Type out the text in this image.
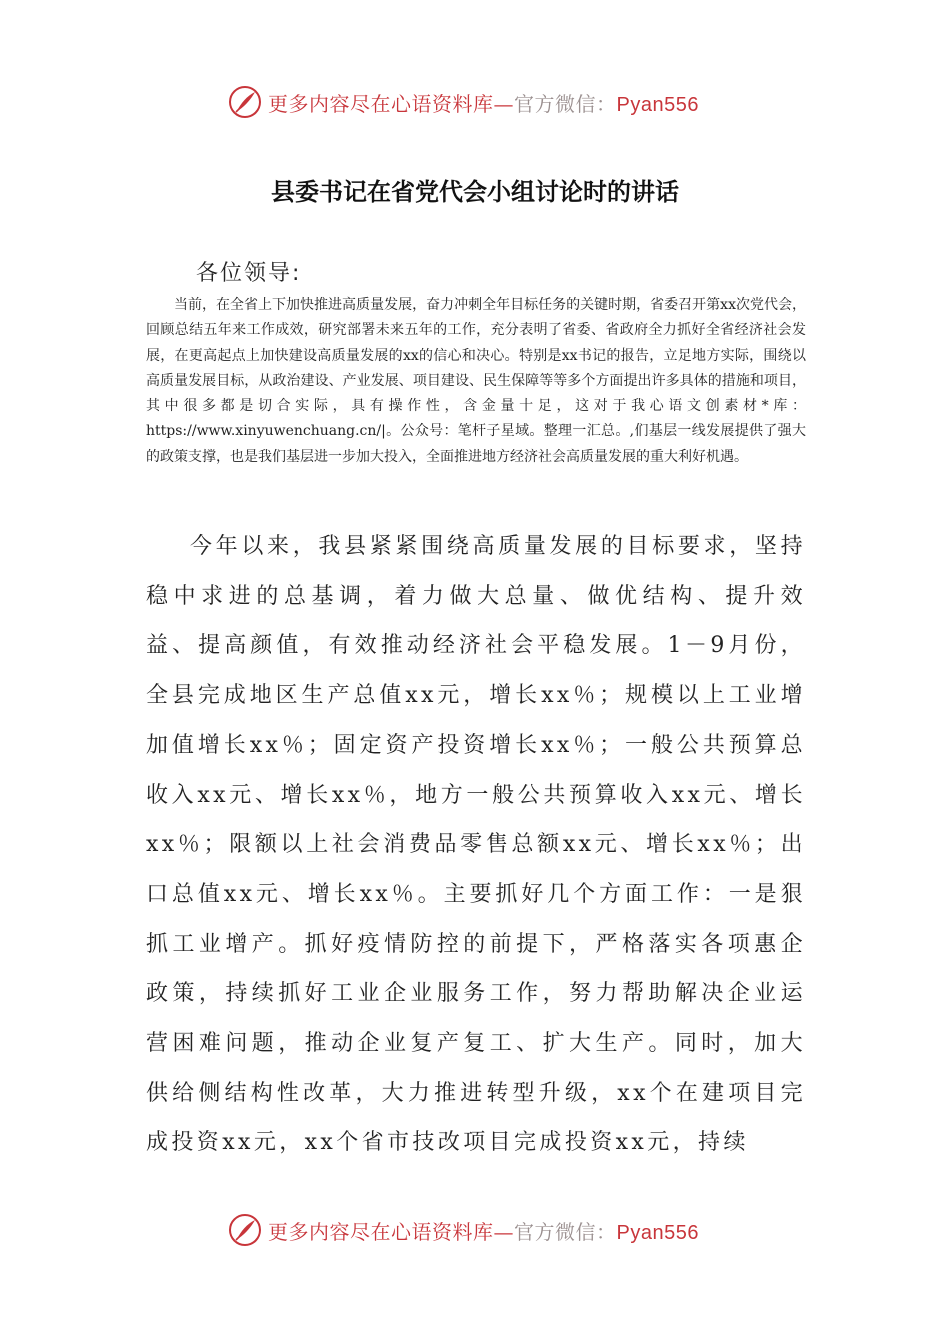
更多内容尽在心语资料库—官方微信：Pyan556
县委书记在省党代会小组讨论时的讲话
各位领导:

当前，在全省上下加快推进高质量发展，奋力冲刺全年目标任务的关键时期，省委召开第xx次党代会，回顾总结五年来工作成效，研究部署未来五年的工作，充分表明了省委、省政府全力抓好全省经济社会发展，在更高起点上加快建设高质量发展的xx的信心和决心。特别是xx书记的报告，立足地方实际，围绕以高质量发展目标，从政治建设、产业发展、项目建设、民生保障等等多个方面提出许多具体的措施和项目，其中很多都是切合实际，具有操作性，含金量十足，这对于我心语文创素材*库：https://www.xinyuwenchuang.cn/|。公众号：笔杆子星域。整理一汇总。,们基层一线发展提供了强大的政策支撑，也是我们基层进一步加大投入，全面推进地方经济社会高质量发展的重大利好机遇。

今年以来，我县紧紧围绕高质量发展的目标要求，坚持稳中求进的总基调，着力做大总量、做优结构、提升效益、提高颜值，有效推动经济社会平稳发展。1－9月份，全县完成地区生产总值xx元，增长xx％；规模以上工业增加值增长xx％；固定资产投资增长xx％；一般公共预算总收入xx元、增长xx％，地方一般公共预算收入xx元、增长xx％；限额以上社会消费品零售总额xx元、增长xx％；出口总值xx元、增长xx％。主要抓好几个方面工作：一是狠抓工业增产。抓好疫情防控的前提下，严格落实各项惠企政策，持续抓好工业企业服务工作，努力帮助解决企业运营困难问题，推动企业复产复工、扩大生产。同时，加大供给侧结构性改革，大力推进转型升级，xx个在建项目完成投资xx元，xx个省市技改项目完成投资xx元，持续

更多内容尽在心语资料库—官方微信：Pyan556
